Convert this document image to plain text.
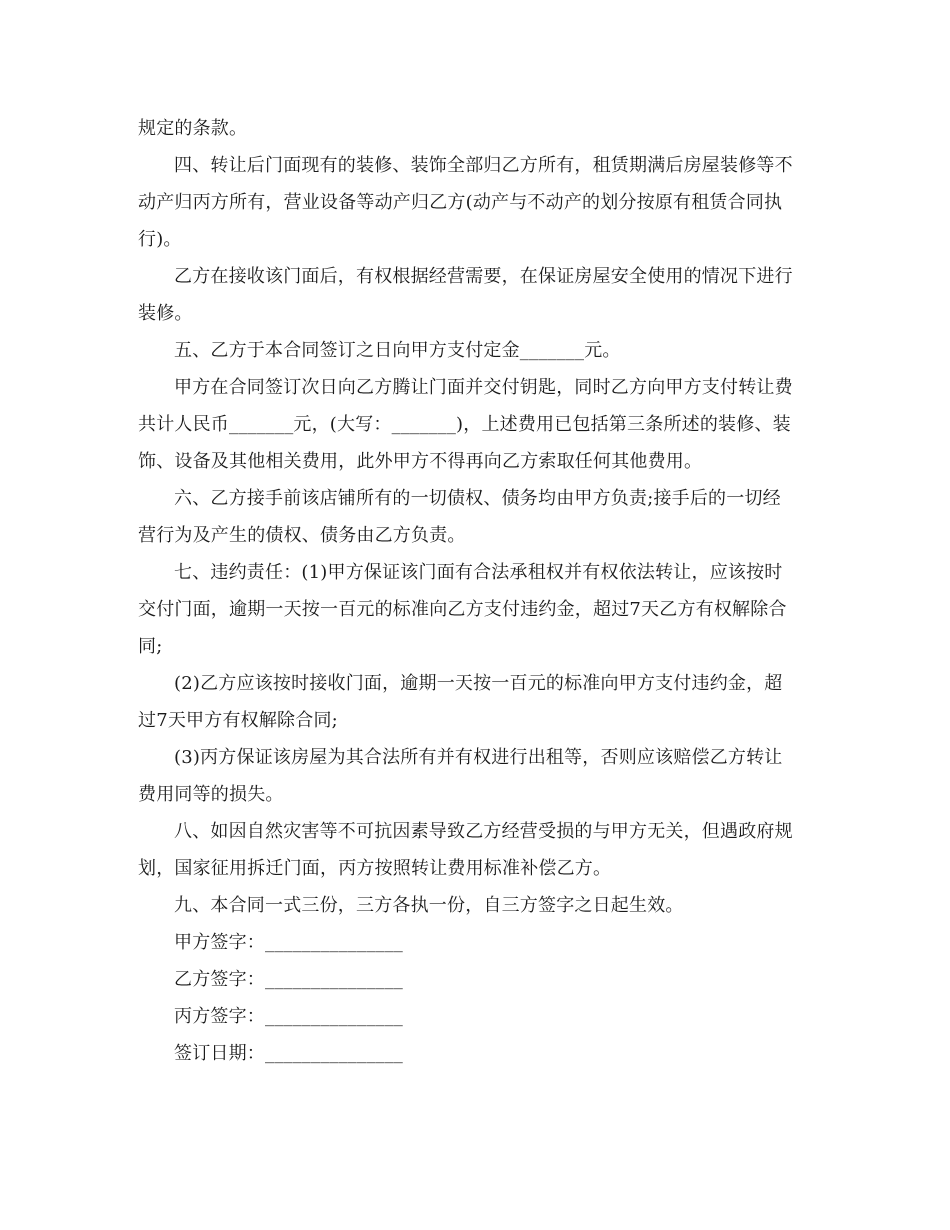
规定的条款。
四、转让后门面现有的装修、装饰全部归乙方所有，租赁期满后房屋装修等不
动产归丙方所有，营业设备等动产归乙方(动产与不动产的划分按原有租赁合同执
行)。
乙方在接收该门面后，有权根据经营需要，在保证房屋安全使用的情况下进行
装修。
五、乙方于本合同签订之日向甲方支付定金_______元。
甲方在合同签订次日向乙方腾让门面并交付钥匙，同时乙方向甲方支付转让费
共计人民币_______元，(大写：_______)，上述费用已包括第三条所述的装修、装
饰、设备及其他相关费用，此外甲方不得再向乙方索取任何其他费用。
六、乙方接手前该店铺所有的一切债权、债务均由甲方负责;接手后的一切经
营行为及产生的债权、债务由乙方负责。
七、违约责任：(1)甲方保证该门面有合法承租权并有权依法转让，应该按时
交付门面，逾期一天按一百元的标准向乙方支付违约金，超过7天乙方有权解除合
同;
(2)乙方应该按时接收门面，逾期一天按一百元的标准向甲方支付违约金，超
过7天甲方有权解除合同;
(3)丙方保证该房屋为其合法所有并有权进行出租等，否则应该赔偿乙方转让
费用同等的损失。
八、如因自然灾害等不可抗因素导致乙方经营受损的与甲方无关，但遇政府规
划，国家征用拆迁门面，丙方按照转让费用标准补偿乙方。
九、本合同一式三份，三方各执一份，自三方签字之日起生效。
甲方签字：_______________
乙方签字：_______________
丙方签字：_______________
签订日期：_______________
